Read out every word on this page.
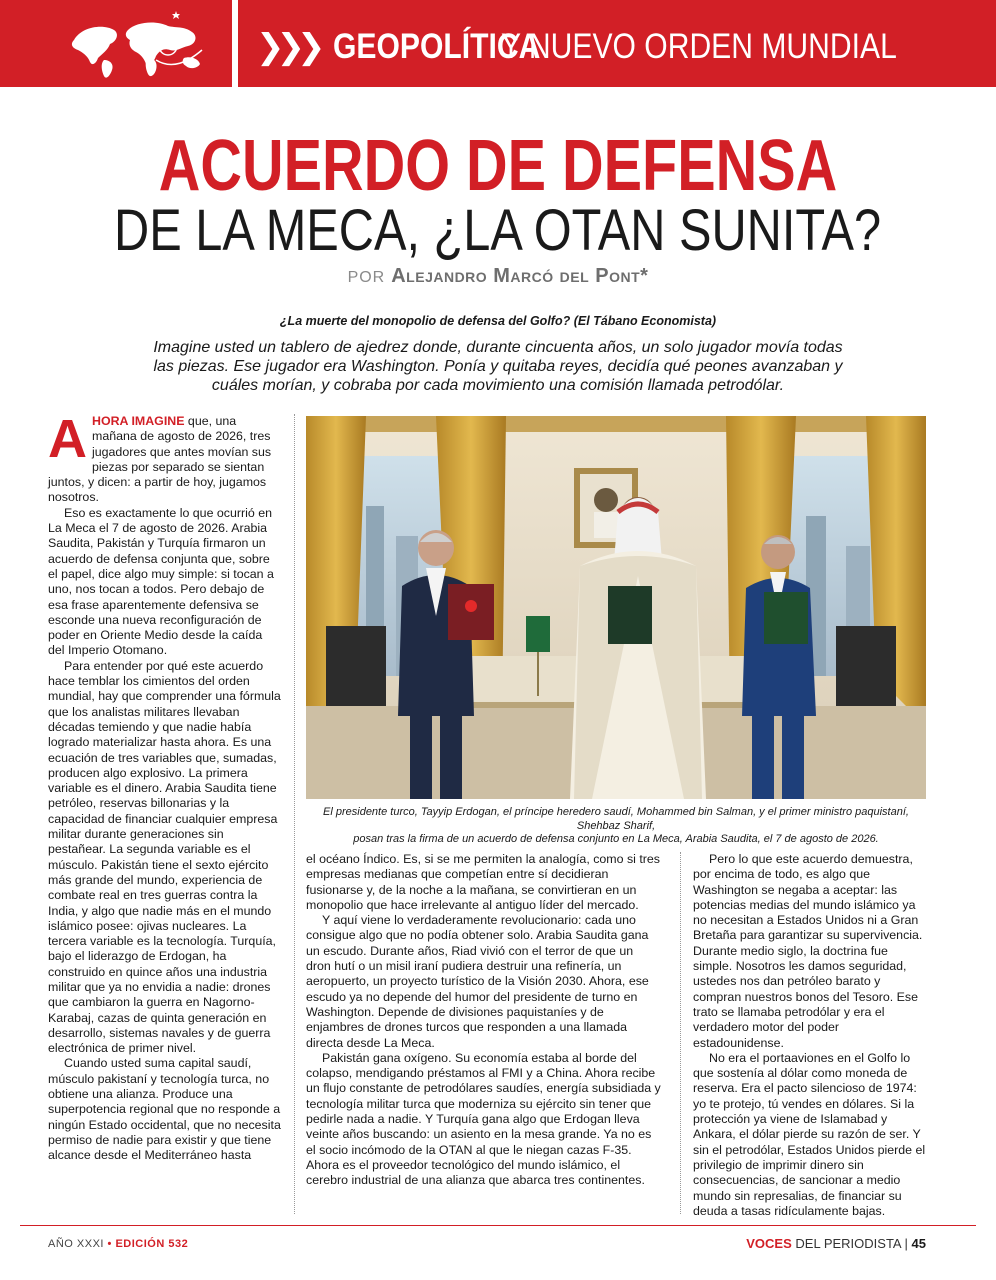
❯❯❯ GEOPOLÍTICA
Y NUEVO ORDEN MUNDIAL
ACUERDO DE DEFENSA
DE LA MECA, ¿LA OTAN SUNITA?
POR Alejandro Marcó del Pont*
¿La muerte del monopolio de defensa del Golfo? (El Tábano Economista)
Imagine usted un tablero de ajedrez donde, durante cincuenta años, un solo jugador movía todas las piezas. Ese jugador era Washington. Ponía y quitaba reyes, decidía qué peones avanzaban y cuáles morían, y cobraba por cada movimiento una comisión llamada petrodólar.

AHORA IMAGINE que, una mañana de agosto de 2026, tres jugadores que antes movían sus piezas por separado se sientan juntos, y dicen: a partir de hoy, jugamos nosotros.

Eso es exactamente lo que ocurrió en La Meca el 7 de agosto de 2026. Arabia Saudita, Pakistán y Turquía firmaron un acuerdo de defensa conjunta que, sobre el papel, dice algo muy simple: si tocan a uno, nos tocan a todos. Pero debajo de esa frase aparentemente defensiva se esconde una nueva reconfiguración de poder en Oriente Medio desde la caída del Imperio Otomano.

Para entender por qué este acuerdo hace temblar los cimientos del orden mundial, hay que comprender una fórmula que los analistas militares llevaban décadas temiendo y que nadie había logrado materializar hasta ahora. Es una ecuación de tres variables que, sumadas, producen algo explosivo. La primera variable es el dinero. Arabia Saudita tiene petróleo, reservas billonarias y la capacidad de financiar cualquier empresa militar durante generaciones sin pestañear. La segunda variable es el músculo. Pakistán tiene el sexto ejército más grande del mundo, experiencia de combate real en tres guerras contra la India, y algo que nadie más en el mundo islámico posee: ojivas nucleares. La tercera variable es la tecnología. Turquía, bajo el liderazgo de Erdogan, ha construido en quince años una industria militar que ya no envidia a nadie: drones que cambiaron la guerra en Nagorno-Karabaj, cazas de quinta generación en desarrollo, sistemas navales y de guerra electrónica de primer nivel.

Cuando usted suma capital saudí, músculo pakistaní y tecnología turca, no obtiene una alianza. Produce una superpotencia regional que no responde a ningún Estado occidental, que no necesita permiso de nadie para existir y que tiene alcance desde el Mediterráneo hasta

El presidente turco, Tayyip Erdogan, el príncipe heredero saudí, Mohammed bin Salman, y el primer ministro paquistaní, Shehbaz Sharif,
posan tras la firma de un acuerdo de defensa conjunto en La Meca, Arabia Saudita, el 7 de agosto de 2026.

el océano Índico. Es, si se me permiten la analogía, como si tres empresas medianas que competían entre sí decidieran fusionarse y, de la noche a la mañana, se convirtieran en un monopolio que hace irrelevante al antiguo líder del mercado.

Y aquí viene lo verdaderamente revolucionario: cada uno consigue algo que no podía obtener solo. Arabia Saudita gana un escudo. Durante años, Riad vivió con el terror de que un dron hutí o un misil iraní pudiera destruir una refinería, un aeropuerto, un proyecto turístico de la Visión 2030. Ahora, ese escudo ya no depende del humor del presidente de turno en Washington. Depende de divisiones paquistaníes y de enjambres de drones turcos que responden a una llamada directa desde La Meca.

Pakistán gana oxígeno. Su economía estaba al borde del colapso, mendigando préstamos al FMI y a China. Ahora recibe un flujo constante de petrodólares saudíes, energía subsidiada y tecnología militar turca que moderniza su ejército sin tener que pedirle nada a nadie. Y Turquía gana algo que Erdogan lleva veinte años buscando: un asiento en la mesa grande. Ya no es el socio incómodo de la OTAN al que le niegan cazas F-35. Ahora es el proveedor tecnológico del mundo islámico, el cerebro industrial de una alianza que abarca tres continentes.

Pero lo que este acuerdo demuestra, por encima de todo, es algo que Washington se negaba a aceptar: las potencias medias del mundo islámico ya no necesitan a Estados Unidos ni a Gran Bretaña para garantizar su supervivencia. Durante medio siglo, la doctrina fue simple. Nosotros les damos seguridad, ustedes nos dan petróleo barato y compran nuestros bonos del Tesoro. Ese trato se llamaba petrodólar y era el verdadero motor del poder estadounidense.

No era el portaaviones en el Golfo lo que sostenía al dólar como moneda de reserva. Era el pacto silencioso de 1974: yo te protejo, tú vendes en dólares. Si la protección ya viene de Islamabad y Ankara, el dólar pierde su razón de ser. Y sin el petrodólar, Estados Unidos pierde el privilegio de imprimir dinero sin consecuencias, de sancionar a medio mundo sin represalias, de financiar su deuda a tasas ridículamente bajas.

AÑO XXXI • EDICIÓN 532	VOCES DEL PERIODISTA | 45
